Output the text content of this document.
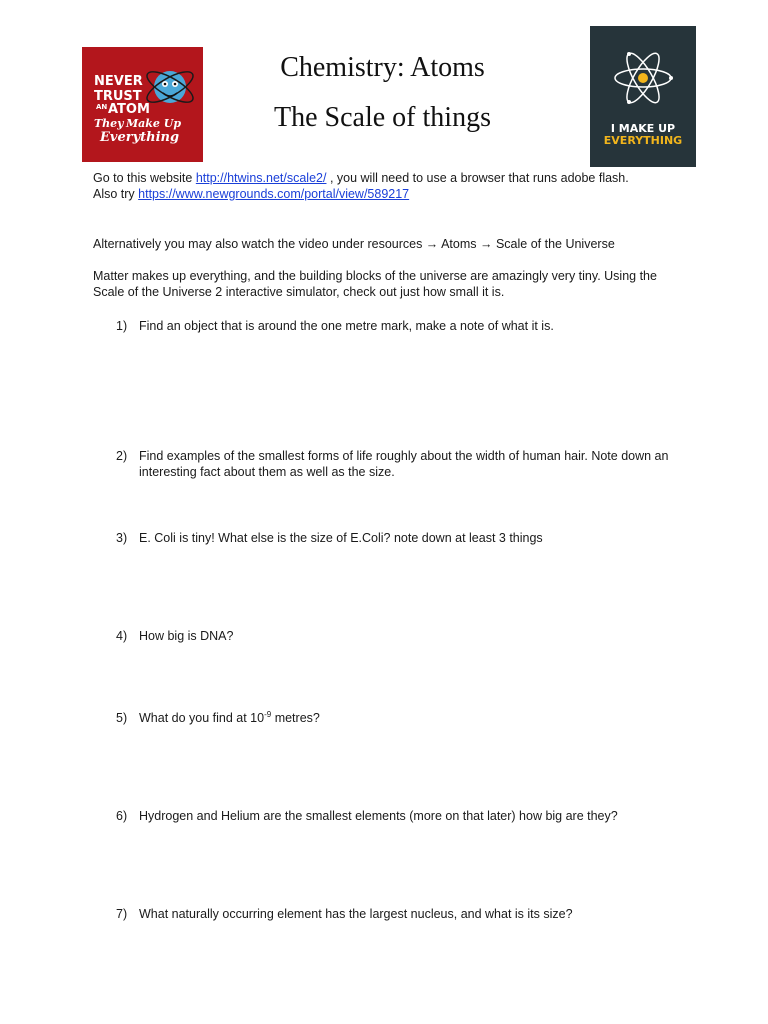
NEVER
TRUST
AN ATOM
They Make Up
Everything

Chemistry: Atoms

The Scale of things	I MAKE UP
EVERYTHING

Go to this website http://htwins.net/scale2/ , you will need to use a browser that runs adobe flash.
Also try https://www.newgrounds.com/portal/view/589217

Alternatively you may also watch the video under resources → Atoms → Scale of the Universe

Matter makes up everything, and the building blocks of the universe are amazingly very tiny. Using the Scale of the Universe 2 interactive simulator, check out just how small it is.

1) Find an object that is around the one metre mark, make a note of what it is.
2) Find examples of the smallest forms of life roughly about the width of human hair. Note down an interesting fact about them as well as the size.
3) E. Coli is tiny! What else is the size of E.Coli? note down at least 3 things
4) How big is DNA?
5) What do you find at $10^{-9}$ metres?
6) Hydrogen and Helium are the smallest elements (more on that later) how big are they?
7) What naturally occurring element has the largest nucleus, and what is its size?
